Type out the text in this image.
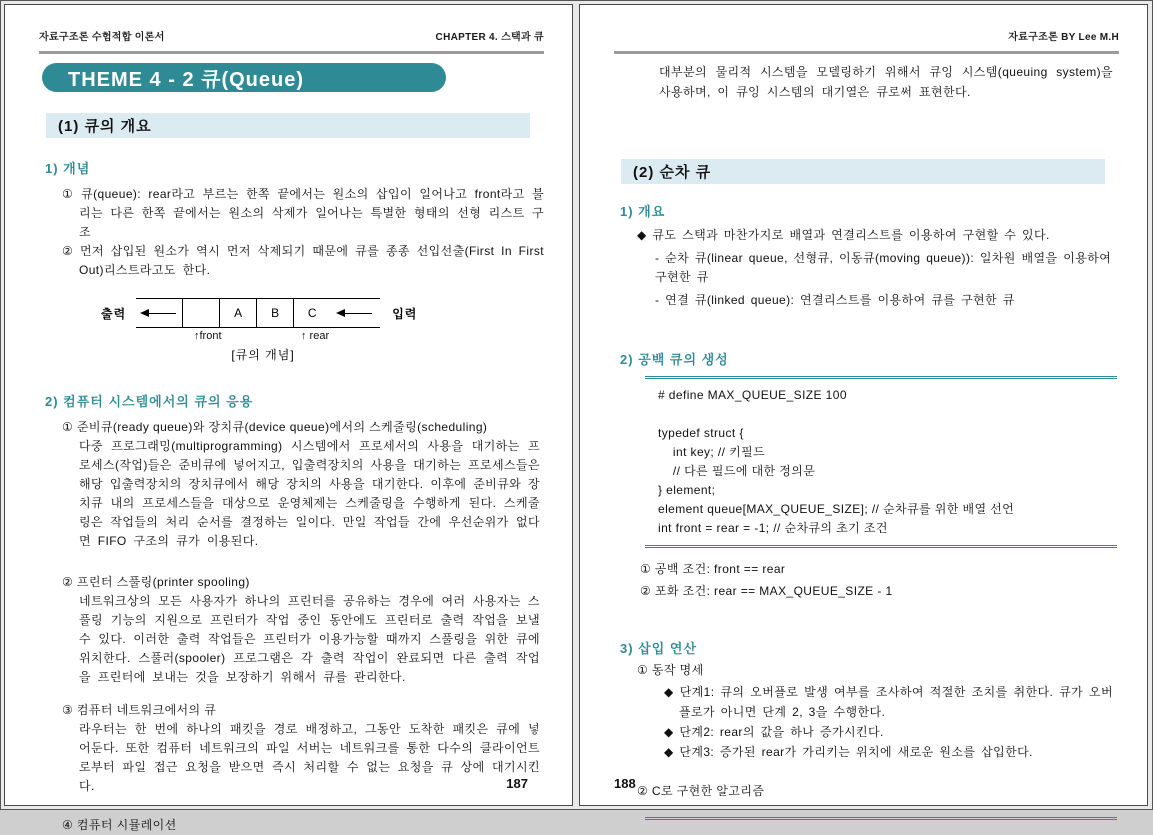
자료구조론 수험적합 이론서	CHAPTER 4. 스택과 큐
THEME 4 - 2 큐(Queue)
(1) 큐의 개요
1) 개념
① 큐(queue): rear라고 부르는 한쪽 끝에서는 원소의 삽입이 일어나고 front라고 불리는 다른 한쪽 끝에서는 원소의 삭제가 일어나는 특별한 형태의 선형 리스트 구조
② 먼저 삽입된 원소가 역시 먼저 삭제되기 때문에 큐를 종종 선입선출(First In First Out)리스트라고도 한다.
출력	A	B	C	입력
↑front	↑ rear
[큐의 개념]
2) 컴퓨터 시스템에서의 큐의 응용
① 준비큐(ready queue)와 장치큐(device queue)에서의 스케줄링(scheduling)
다중 프로그래밍(multiprogramming) 시스템에서 프로세서의 사용을 대기하는 프로세스(작업)들은 준비큐에 넣어지고, 입출력장치의 사용을 대기하는 프로세스들은 해당 입출력장치의 장치큐에서 해당 장치의 사용을 대기한다. 이후에 준비큐와 장치큐 내의 프로세스들을 대상으로 운영체제는 스케줄링을 수행하게 된다. 스케줄링은 작업들의 처리 순서를 결정하는 일이다. 만일 작업들 간에 우선순위가 없다면 FIFO 구조의 큐가 이용된다.
② 프린터 스풀링(printer spooling)
네트워크상의 모든 사용자가 하나의 프린터를 공유하는 경우에 여러 사용자는 스풀링 기능의 지원으로 프린터가 작업 중인 동안에도 프린터로 출력 작업을 보낼 수 있다. 이러한 출력 작업들은 프린터가 이용가능할 때까지 스풀링을 위한 큐에 위치한다. 스풀러(spooler) 프로그램은 각 출력 작업이 완료되면 다른 출력 작업을 프린터에 보내는 것을 보장하기 위해서 큐를 관리한다.
③ 컴퓨터 네트워크에서의 큐
라우터는 한 번에 하나의 패킷을 경로 배정하고, 그동안 도착한 패킷은 큐에 넣어둔다. 또한 컴퓨터 네트워크의 파일 서버는 네트워크를 통한 다수의 클라이언트로부터 파일 접근 요청을 받으면 즉시 처리할 수 없는 요청을 큐 상에 대기시킨다.
④ 컴퓨터 시뮬레이션
187
자료구조론 BY Lee M.H
대부분의 물리적 시스템을 모델링하기 위해서 큐잉 시스템(queuing system)을 사용하며, 이 큐잉 시스템의 대기열은 큐로써 표현한다.
(2) 순차 큐
1) 개요
◆ 큐도 스택과 마찬가지로 배열과 연결리스트를 이용하여 구현할 수 있다.
- 순차 큐(linear queue, 선형큐, 이동큐(moving queue)): 일차원 배열을 이용하여 구현한 큐
- 연결 큐(linked queue): 연결리스트를 이용하여 큐를 구현한 큐
2) 공백 큐의 생성
# define MAX_QUEUE_SIZE 100
typedef struct {
int key; // 키필드
// 다른 필드에 대한 정의문
} element;
element queue[MAX_QUEUE_SIZE]; // 순차큐를 위한 배열 선언
int front = rear = -1; // 순차큐의 초기 조건
① 공백 조건: front == rear
② 포화 조건: rear == MAX_QUEUE_SIZE - 1
3) 삽입 연산
① 동작 명세
◆ 단계1: 큐의 오버플로 발생 여부를 조사하여 적절한 조치를 취한다. 큐가 오버플로가 아니면 단계 2, 3을 수행한다.
◆ 단계2: rear의 값을 하나 증가시킨다.
◆ 단계3: 증가된 rear가 가리키는 위치에 새로운 원소를 삽입한다.
② C로 구현한 알고리즘
188
